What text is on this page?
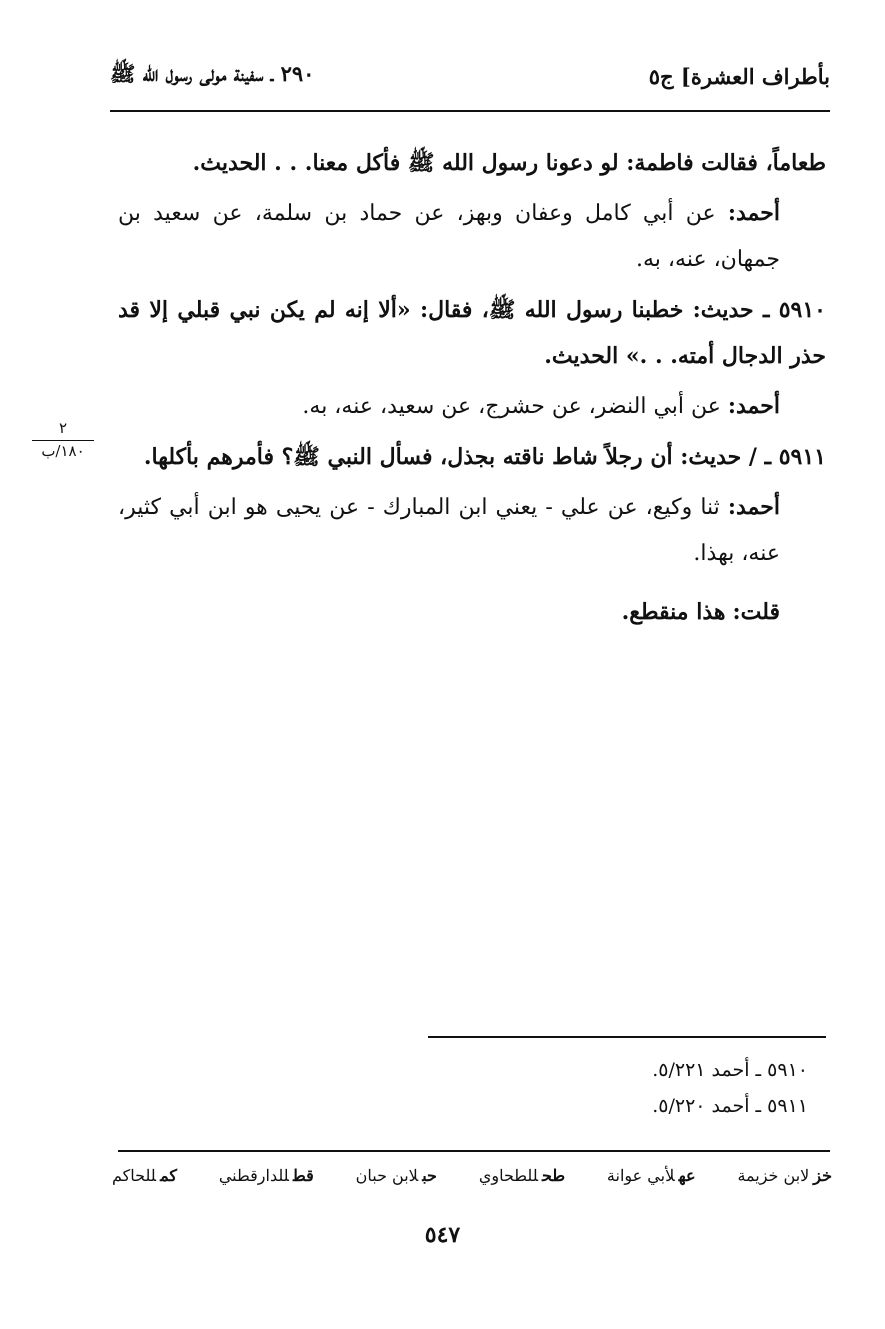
بأطراف العشرة] ج٥
٢٩٠ ـ سفينة مولى رسول الله ﷺ

طعاماً، فقالت فاطمة: لو دعونا رسول الله ﷺ فأكل معنا. . . الحديث.

أحمد: عن أبي كامل وعفان وبهز، عن حماد بن سلمة، عن سعيد بن جمهان، عنه، به.

٥٩١٠ ـ حديث: خطبنا رسول الله ﷺ، فقال: «ألا إنه لم يكن نبي قبلي إلا قد حذر الدجال أمته. . .» الحديث.

أحمد: عن أبي النضر، عن حشرج، عن سعيد، عنه، به.

٥٩١١ ـ / حديث: أن رجلاً شاط ناقته بجذل، فسأل النبي ﷺ؟ فأمرهم بأكلها.

أحمد: ثنا وكيع، عن علي - يعني ابن المبارك - عن يحيى هو ابن أبي كثير، عنه، بهذا.

قلت: هذا منقطع.

٢
١٨٠/ب
٥٩١٠ ـ أحمد ٥/٢٢١.
٥٩١١ ـ أحمد ٥/٢٢٠.
خزلابن خزيمة
عهلأبي عوانة
طحللطحاوي
حبلابن حبان
قطللدارقطني
كمللحاكم
٥٤٧
